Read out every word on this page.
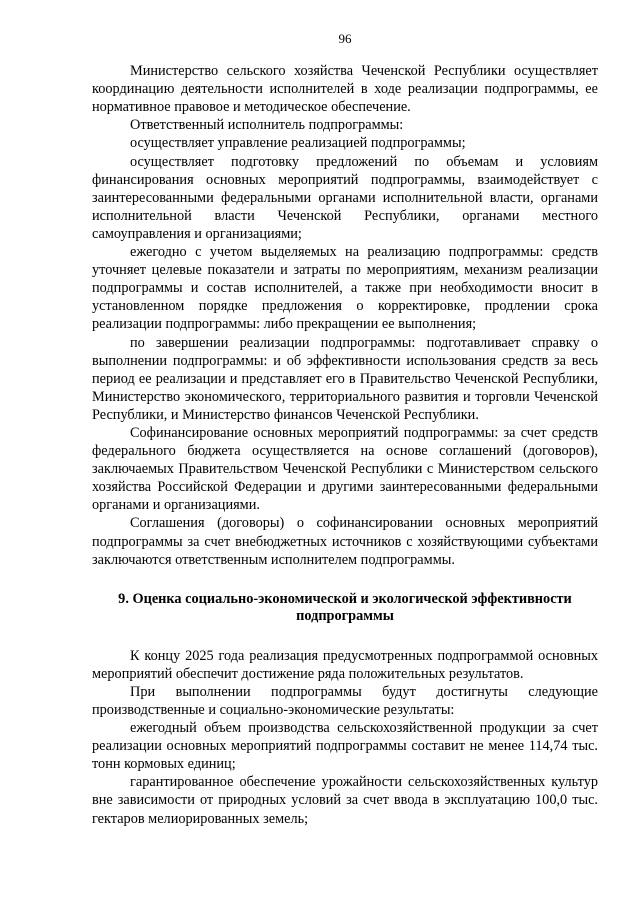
96

Министерство сельского хозяйства Чеченской Республики осуществляет координацию деятельности исполнителей в ходе реализации подпрограммы, ее нормативное правовое и методическое обеспечение.

Ответственный исполнитель подпрограммы:

осуществляет управление реализацией подпрограммы;

осуществляет подготовку предложений по объемам и условиям финансирования основных мероприятий подпрограммы, взаимодействует с заинтересованными федеральными органами исполнительной власти, органами исполнительной власти Чеченской Республики, органами местного самоуправления и организациями;

ежегодно с учетом выделяемых на реализацию подпрограммы: средств уточняет целевые показатели и затраты по мероприятиям, механизм реализации подпрограммы и состав исполнителей, а также при необходимости вносит в установленном порядке предложения о корректировке, продлении срока реализации подпрограммы: либо прекращении ее выполнения;

по завершении реализации подпрограммы: подготавливает справку о выполнении подпрограммы: и об эффективности использования средств за весь период ее реализации и представляет его в Правительство Чеченской Республики, Министерство экономического, территориального развития и торговли Чеченской Республики, и Министерство финансов Чеченской Республики.

Софинансирование основных мероприятий подпрограммы: за счет средств федерального бюджета осуществляется на основе соглашений (договоров), заключаемых Правительством Чеченской Республики с Министерством сельского хозяйства Российской Федерации и другими заинтересованными федеральными органами и организациями.

Соглашения (договоры) о софинансировании основных мероприятий подпрограммы за счет внебюджетных источников с хозяйствующими субъектами заключаются ответственным исполнителем подпрограммы.

9. Оценка социально-экономической и экологической эффективности
подпрограммы

К концу 2025 года реализация предусмотренных подпрограммой основных мероприятий обеспечит достижение ряда положительных результатов.

При выполнении подпрограммы будут достигнуты следующие производственные и социально-экономические результаты:

ежегодный объем производства сельскохозяйственной продукции за счет реализации основных мероприятий подпрограммы составит не менее 114,74 тыс. тонн кормовых единиц;

гарантированное обеспечение урожайности сельскохозяйственных культур вне зависимости от природных условий за счет ввода в эксплуатацию 100,0 тыс. гектаров мелиорированных земель;
